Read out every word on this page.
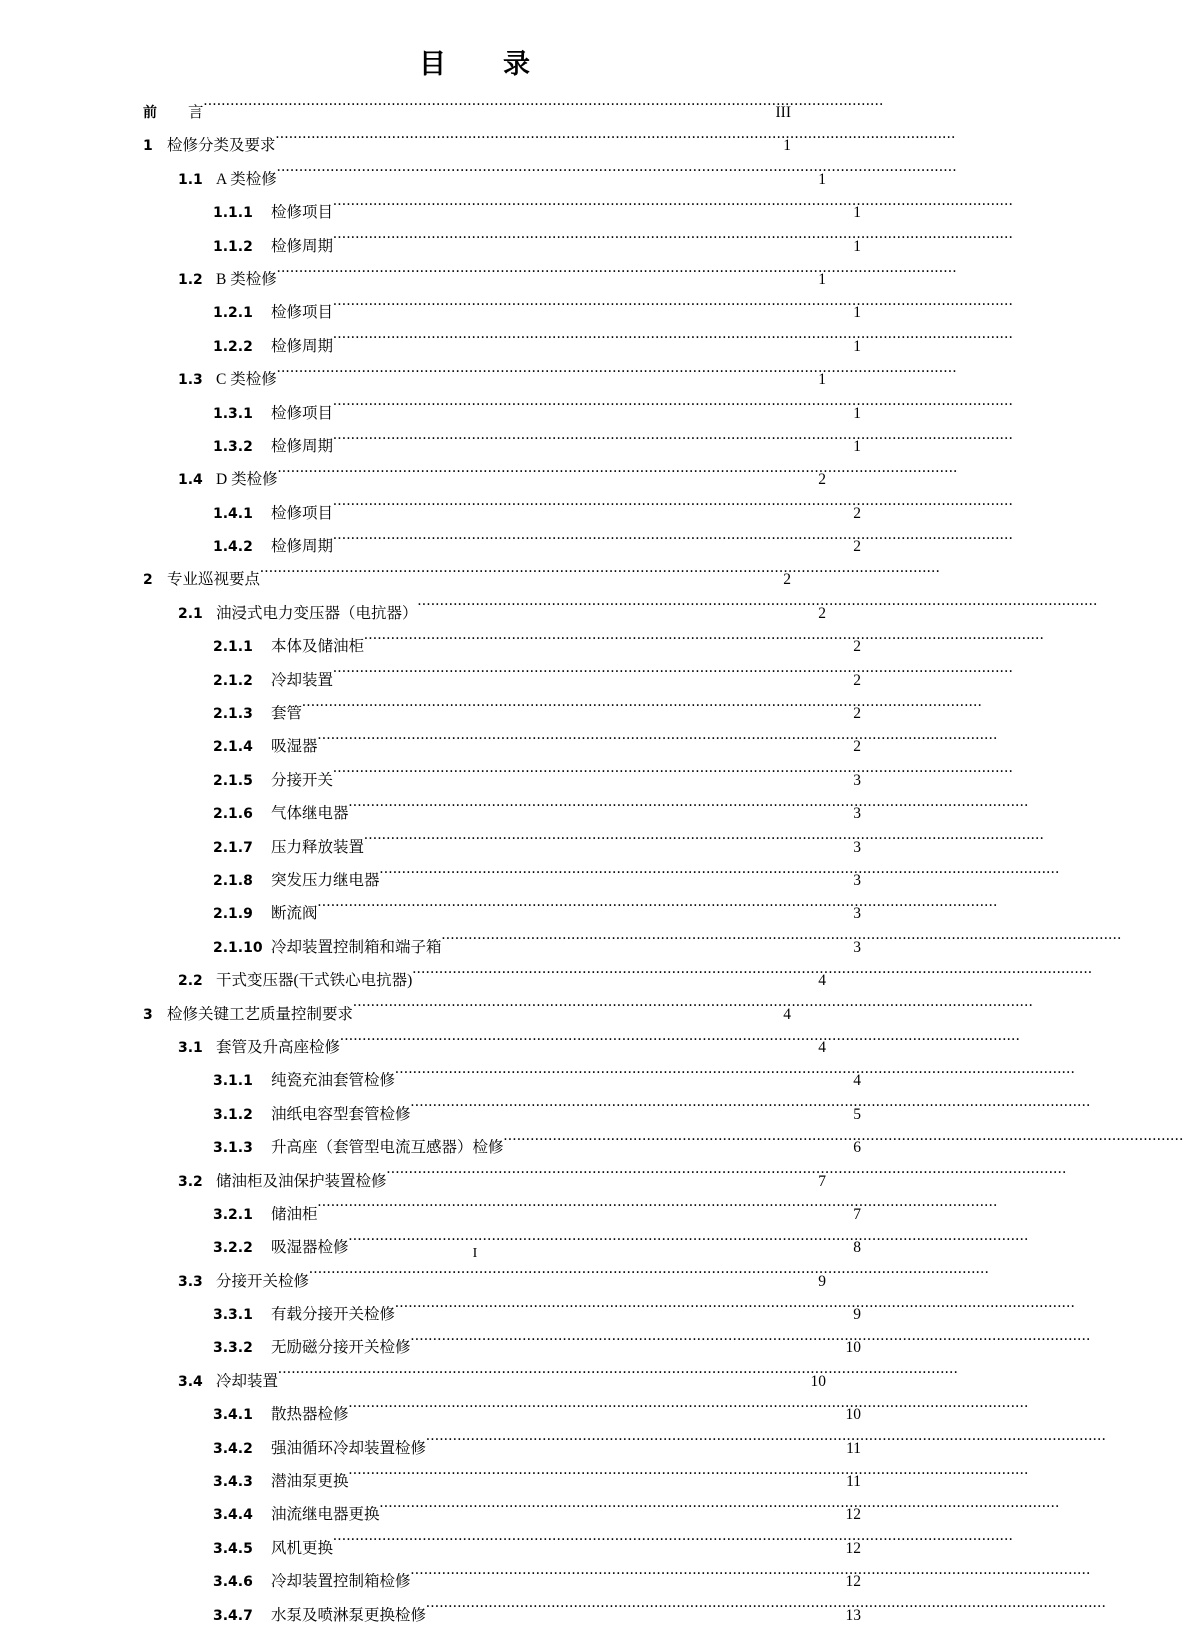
目　　录
前 　　言 .....	III
1 检修分类及要求 .....	1
1.1 A 类检修 .....	1
1.1.1	检修项目 .....	1
1.1.2	检修周期 .....	1
1.2 B 类检修 .....	1
1.2.1	检修项目 .....	1
1.2.2	检修周期 .....	1
1.3 C 类检修 .....	1
1.3.1	检修项目 .....	1
1.3.2	检修周期 .....	1
1.4 D 类检修 .....	2
1.4.1	检修项目 .....	2
1.4.2	检修周期 .....	2
2 专业巡视要点 .....	2
2.1 油浸式电力变压器（电抗器） .....	2
2.1.1	本体及储油柜 .....	2
2.1.2	冷却装置 .....	2
2.1.3	套管 .....	2
2.1.4	吸湿器 .....	2
2.1.5	分接开关 .....	3
2.1.6	气体继电器 .....	3
2.1.7	压力释放装置 .....	3
2.1.8	突发压力继电器 .....	3
2.1.9	断流阀 .....	3
2.1.10 冷却装置控制箱和端子箱 .....	3
2.2 干式变压器(干式铁心电抗器) .....	4
3 检修关键工艺质量控制要求 .....	4
3.1 套管及升高座检修 .....	4
3.1.1	纯瓷充油套管检修 .....	4
3.1.2	油纸电容型套管检修 .....	5
3.1.3	升高座（套管型电流互感器）检修 .....	6
3.2 储油柜及油保护装置检修 .....	7
3.2.1	储油柜 .....	7
3.2.2	吸湿器检修 .....	8
3.3 分接开关检修 .....	9
3.3.1	有载分接开关检修 .....	9
3.3.2	无励磁分接开关检修 .....	10
3.4 冷却装置 .....	10
3.4.1	散热器检修 .....	10
3.4.2	强油循环冷却装置检修 .....	11
3.4.3	潜油泵更换 .....	11
3.4.4	油流继电器更换 .....	12
3.4.5	风机更换 .....	12
3.4.6	冷却装置控制箱检修 .....	12
3.4.7	水泵及喷淋泵更换检修 .....	13
I
